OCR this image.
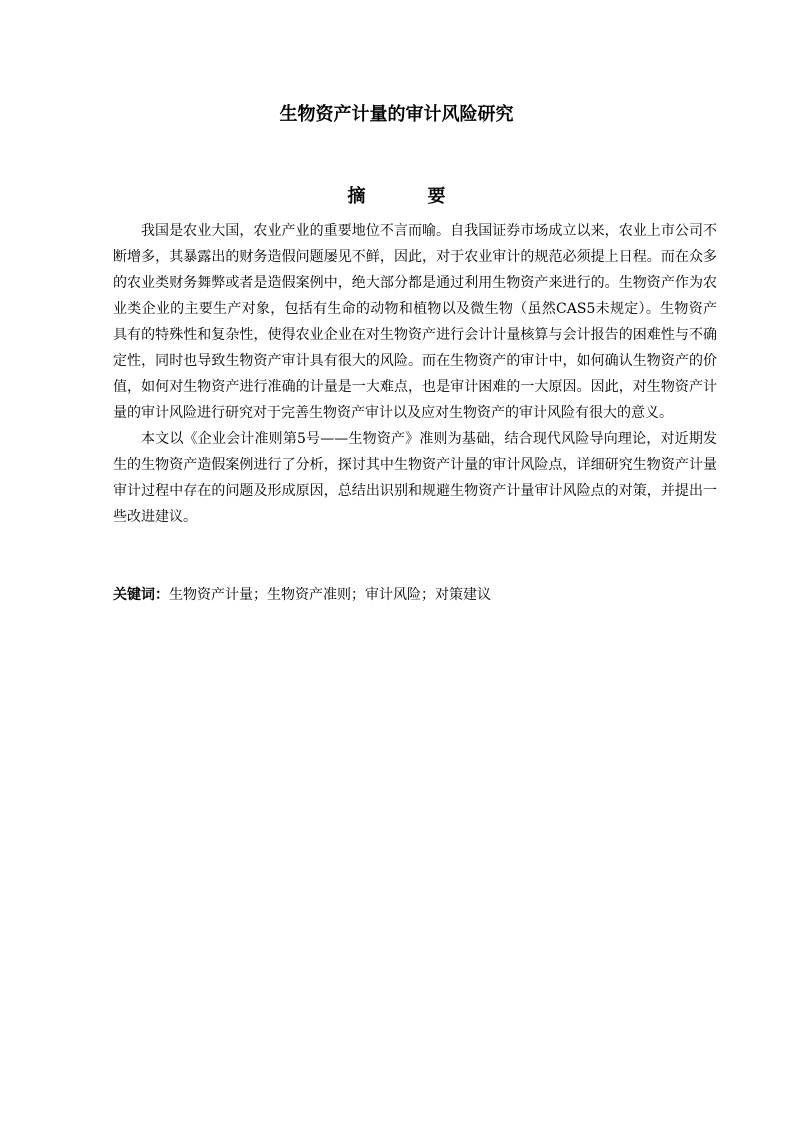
生物资产计量的审计风险研究
摘　要

我国是农业大国，农业产业的重要地位不言而喻。自我国证券市场成立以来，农业上市公司不断增多，其暴露出的财务造假问题屡见不鲜，因此，对于农业审计的规范必须提上日程。而在众多的农业类财务舞弊或者是造假案例中，绝大部分都是通过利用生物资产来进行的。生物资产作为农业类企业的主要生产对象，包括有生命的动物和植物以及微生物（虽然CAS5未规定）。生物资产具有的特殊性和复杂性，使得农业企业在对生物资产进行会计计量核算与会计报告的困难性与不确定性，同时也导致生物资产审计具有很大的风险。而在生物资产的审计中，如何确认生物资产的价值，如何对生物资产进行准确的计量是一大难点，也是审计困难的一大原因。因此，对生物资产计量的审计风险进行研究对于完善生物资产审计以及应对生物资产的审计风险有很大的意义。

本文以《企业会计准则第5号——生物资产》准则为基础，结合现代风险导向理论，对近期发生的生物资产造假案例进行了分析，探讨其中生物资产计量的审计风险点，详细研究生物资产计量审计过程中存在的问题及形成原因，总结出识别和规避生物资产计量审计风险点的对策，并提出一些改进建议。

关键词：生物资产计量；生物资产准则；审计风险；对策建议
